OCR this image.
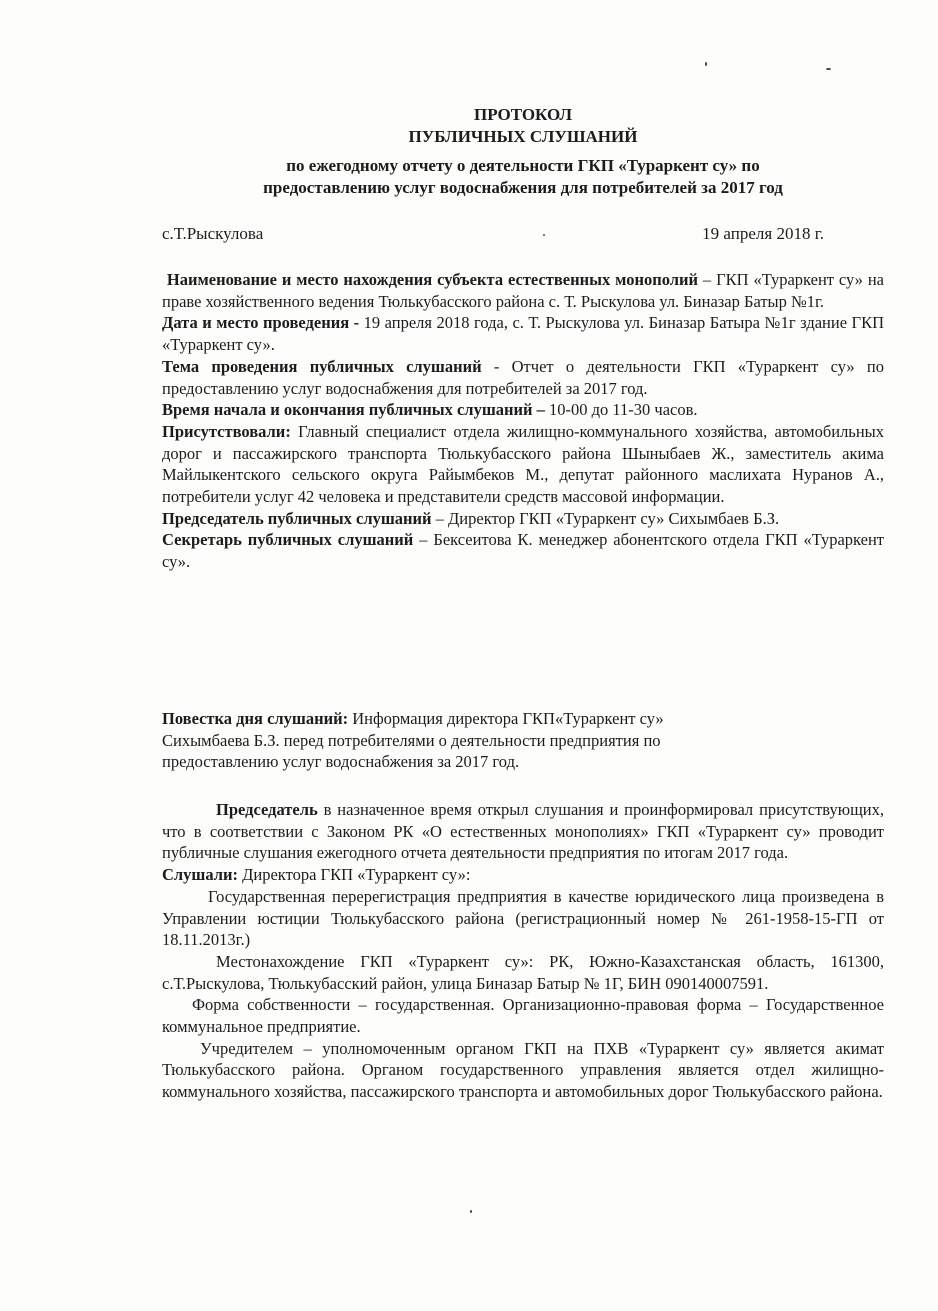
ПРОТОКОЛ
ПУБЛИЧНЫХ СЛУШАНИЙ
по ежегодному отчету о деятельности ГКП «Тураркент су» по
предоставлению услуг водоснабжения для потребителей за 2017 год
с.Т.Рыскулова	19 апреля 2018 г.

Наименование и место нахождения субъекта естественных монополий – ГКП «Тураркент су» на праве хозяйственного ведения Тюлькубасского района с. Т. Рыскулова ул. Биназар Батыр №1г.

Дата и место проведения - 19 апреля 2018 года, с. Т. Рыскулова ул. Биназар Батыра №1г здание ГКП «Тураркент су».

Тема проведения публичных слушаний - Отчет о деятельности ГКП «Тураркент су» по предоставлению услуг водоснабжения для потребителей за 2017 год.

Время начала и окончания публичных слушаний – 10-00 до 11-30 часов.

Присутствовали: Главный специалист отдела жилищно-коммунального хозяйства, автомобильных дорог и пассажирского транспорта Тюлькубасского района Шыныбаев Ж., заместитель акима Майлыкентского сельского округа Райымбеков М., депутат районного маслихата Нуранов А., потребители услуг 42 человека и представители средств массовой информации.

Председатель публичных слушаний – Директор ГКП «Тураркент су» Сихымбаев Б.З.

Секретарь публичных слушаний – Бексеитова К. менеджер абонентского отдела ГКП «Тураркент су».

Повестка дня слушаний: Информация директора ГКП«Тураркент су»
Сихымбаева Б.З. перед потребителями о деятельности предприятия по
предоставлению услуг водоснабжения за 2017 год.

Председатель в назначенное время открыл слушания и проинформировал присутствующих, что в соответствии с Законом РК «О естественных монополиях» ГКП «Тураркент су» проводит публичные слушания ежегодного отчета деятельности предприятия по итогам 2017 года.

Слушали: Директора ГКП «Тураркент су»:

Государственная перерегистрация предприятия в качестве юридического лица произведена в Управлении юстиции Тюлькубасского района (регистрационный номер № 261-1958-15-ГП от 18.11.2013г.)

Местонахождение ГКП «Тураркент су»: РК, Южно-Казахстанская область, 161300, с.Т.Рыскулова, Тюлькубасский район, улица Биназар Батыр № 1Г, БИН 090140007591.

Форма собственности – государственная. Организационно-правовая форма – Государственное коммунальное предприятие.

Учредителем – уполномоченным органом ГКП на ПХВ «Тураркент су» является акимат Тюлькубасского района. Органом государственного управления является отдел жилищно-коммунального хозяйства, пассажирского транспорта и автомобильных дорог Тюлькубасского района.
